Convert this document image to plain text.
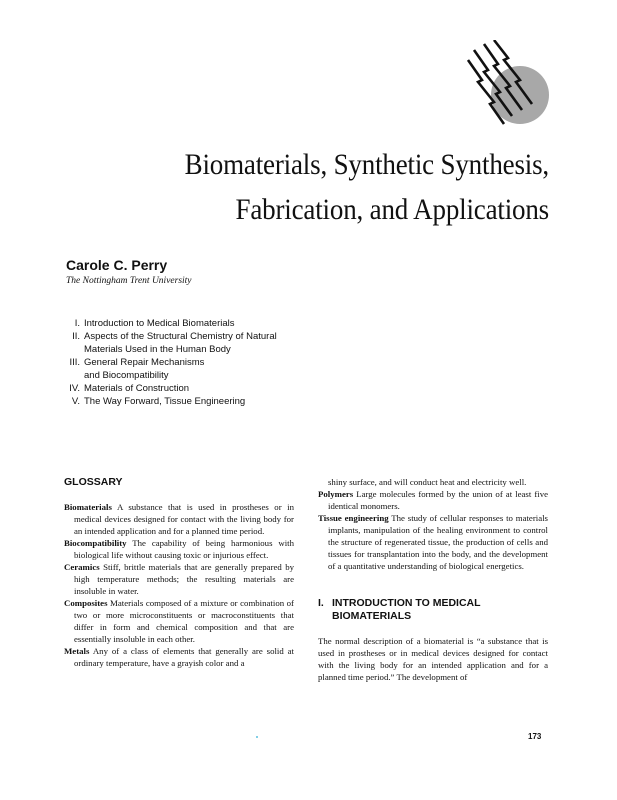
Biomaterials, Synthetic Synthesis,
Fabrication, and Applications
Carole C. Perry
The Nottingham Trent University
I. Introduction to Medical Biomaterials
II. Aspects of the Structural Chemistry of Natural
Materials Used in the Human Body
III. General Repair Mechanisms
and Biocompatibility
IV. Materials of Construction
V. The Way Forward, Tissue Engineering
GLOSSARY

Biomaterials A substance that is used in prostheses or in medical devices designed for contact with the living body for an intended application and for a planned time period.

Biocompatibility The capability of being harmonious with biological life without causing toxic or injurious effect.

Ceramics Stiff, brittle materials that are generally prepared by high temperature methods; the resulting materials are insoluble in water.

Composites Materials composed of a mixture or combination of two or more microconstituents or macroconstituents that differ in form and chemical composition and that are essentially insoluble in each other.

Metals Any of a class of elements that generally are solid at ordinary temperature, have a grayish color and a

shiny surface, and will conduct heat and electricity well.

Polymers Large molecules formed by the union of at least five identical monomers.

Tissue engineering The study of cellular responses to materials implants, manipulation of the healing environment to control the structure of regenerated tissue, the production of cells and tissues for transplantation into the body, and the development of a quantitative understanding of biological energetics.

I. INTRODUCTION TO MEDICAL
BIOMATERIALS

The normal description of a biomaterial is “a substance that is used in prostheses or in medical devices designed for contact with the living body for an intended application and for a planned time period.” The development of

173
